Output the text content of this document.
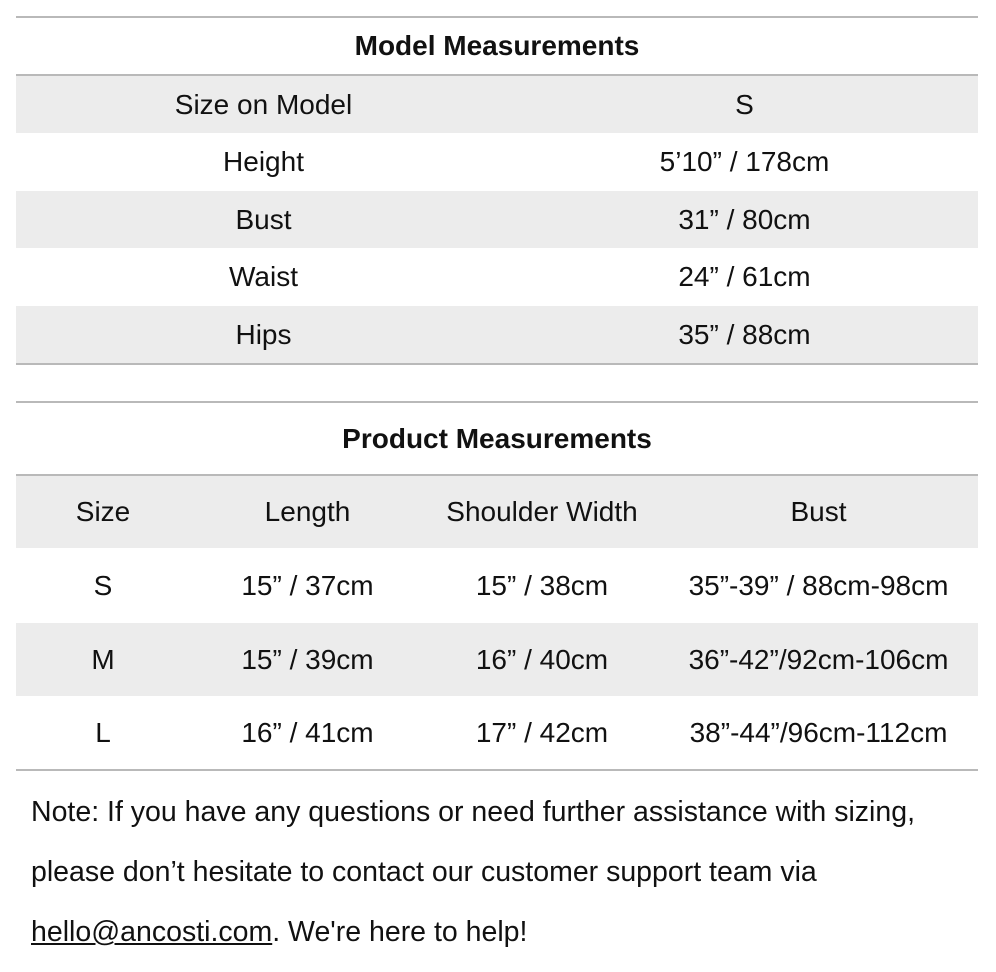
Model Measurements
Size on Model	S
Height	5’10” / 178cm
Bust	31” / 80cm
Waist	24” / 61cm
Hips	35” / 88cm
Product Measurements
Size	Length	Shoulder Width	Bust
S	15” / 37cm	15” / 38cm	35”-39” / 88cm-98cm
M	15” / 39cm	16” / 40cm	36”-42”/92cm-106cm
L	16” / 41cm	17” / 42cm	38”-44”/96cm-112cm
Note: If you have any questions or need further assistance with sizing, please don’t hesitate to contact our customer support team via hello@ancosti.com. We're here to help!
